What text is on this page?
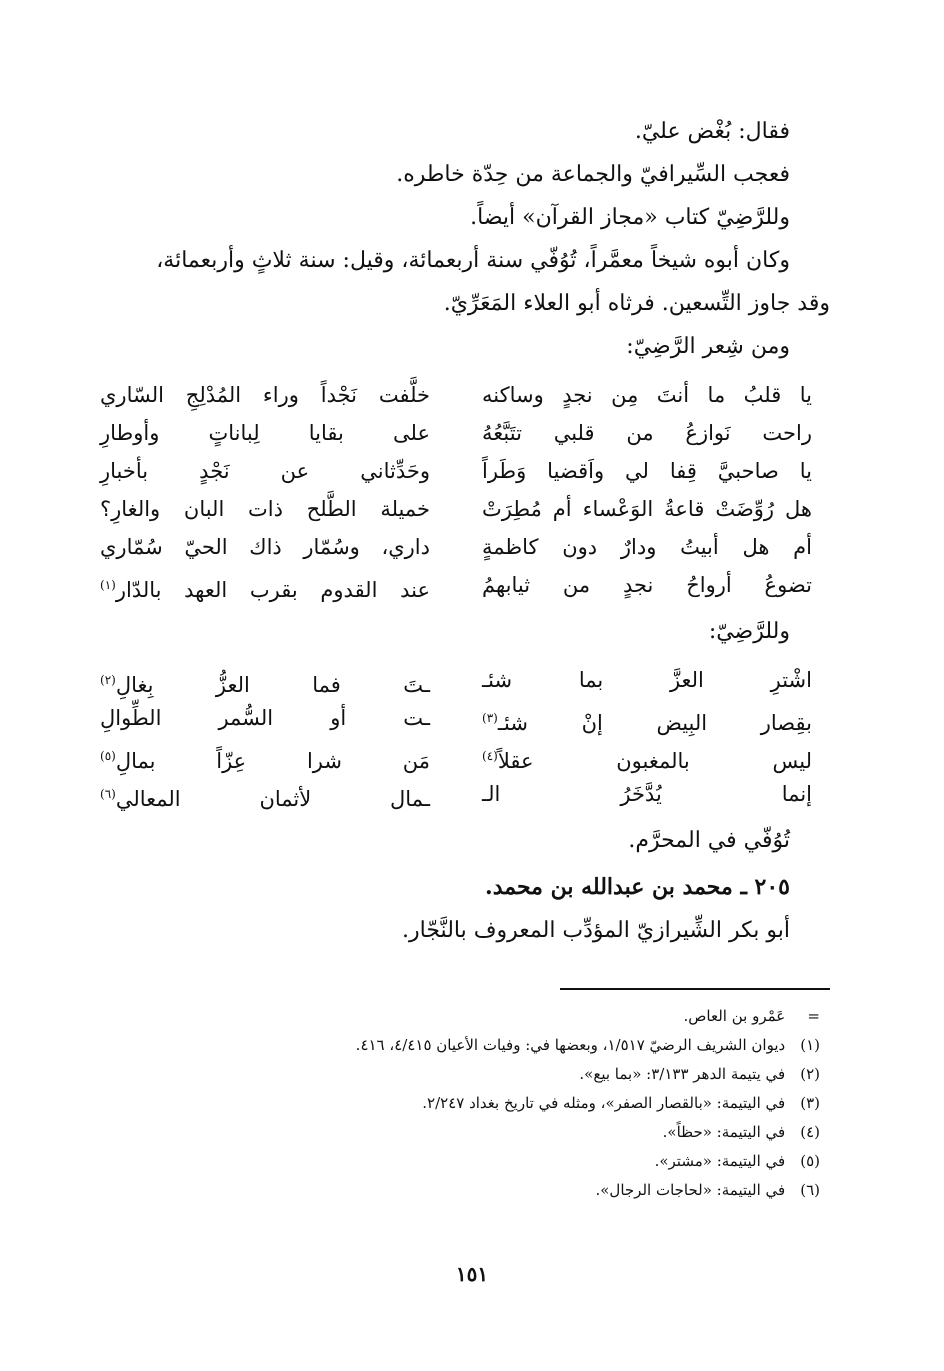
فقال: بُغْض عليّ.

فعجب السِّيرافيّ والجماعة من حِدّة خاطره.

وللرَّضِيّ كتاب «مجاز القرآن» أيضاً.

وكان أبوه شيخاً معمَّراً، تُوُفّي سنة أربعمائة، وقيل: سنة ثلاثٍ وأربعمائة،

وقد جاوز التِّسعين. فرثاه أبو العلاء المَعَرِّيّ.

ومن شِعر الرَّضِيّ:

يا قلبُ ما أنتَ مِن نجدٍ وساكنه
خلَّفت نَجْداً وراء المُدْلِجِ السّاري
راحت نَوازعُ من قلبي تتَبَّعُهُ
على بقايا لِباناتٍ وأوطارِ
يا صاحبيَّ قِفا لي واَقضيا وَطَراً
وحَدِّثاني عن نَجْدٍ بأخبارِ
هل رُوِّضَتْ قاعةُ الوَعْساء أم مُطِرَتْ
خميلة الطَّلح ذات البان والغارِ؟
أم هل أبيتُ ودارٌ دون كاظمةٍ
داري، وسُمّار ذاك الحيّ سُمّاري
تضوعُ أرواحُ نجدٍ من ثيابهمُ
عند القدوم بقرب العهد بالدّار$^{(١)}$
وللرَّضِيّ:
اشْترِ العزَّ بما شئـ
ـتَ فما العزُّ بِغالِ$^{(٢)}$
بقِصار البِيض إنْ شئـ$^{(٣)}$
ـت أو السُّمر الطِّوالِ
ليس بالمغبون عقلاً$^{(٤)}$
مَن شرا عِزّاً بمالِ$^{(٥)}$
إنما يُدَّخَرُ الـ
ـمال لأثمان المعالي$^{(٦)}$
تُوُفّي في المحرَّم.
٢٠٥ ـ محمد بن عبدالله بن محمد.
أبو بكر الشِّيرازيّ المؤدِّب المعروف بالنَّجّار.
= عَمْرو بن العاص.
(١) ديوان الشريف الرضيّ ١/٥١٧، وبعضها في: وفيات الأعيان ٤/٤١٥، ٤١٦.
(٢) في يتيمة الدهر ٣/١٣٣: «بما بيع».
(٣) في اليتيمة: «بالقصار الصفر»، ومثله في تاريخ بغداد ٢/٢٤٧.
(٤) في اليتيمة: «حظاً».
(٥) في اليتيمة: «مشتر».
(٦) في اليتيمة: «لحاجات الرجال».
١٥١
